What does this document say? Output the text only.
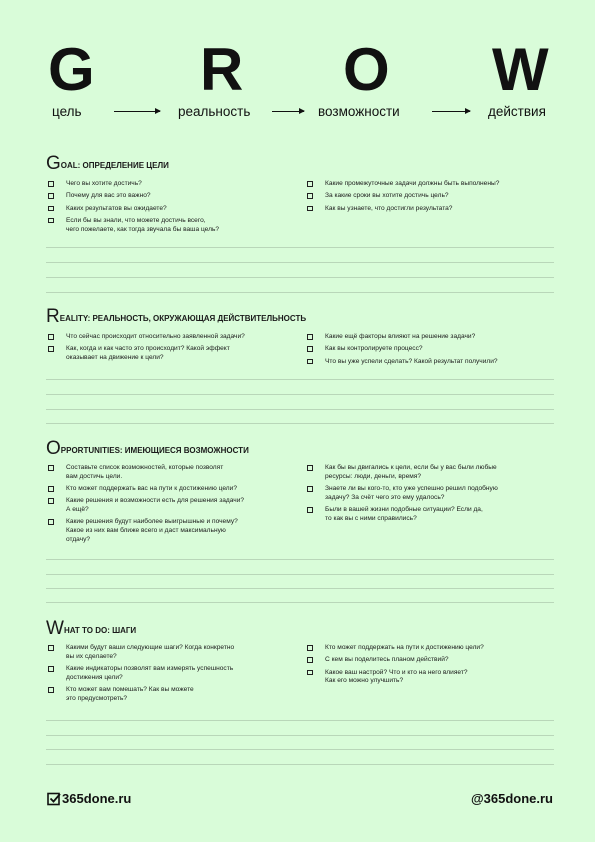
G R O W
цель	реальность	возможности	действия
GOAL: ОПРЕДЕЛЕНИЕ ЦЕЛИ
Чего вы хотите достичь?
Почему для вас это важно?
Каких результатов вы ожидаете?
Если бы вы знали, что можете достичь всего,
чего пожелаете, как тогда звучала бы ваша цель?
Какие промежуточные задачи должны быть выполнены?
За какие сроки вы хотите достичь цель?
Как вы узнаете, что достигли результата?
REALITY: РЕАЛЬНОСТЬ, ОКРУЖАЮЩАЯ ДЕЙСТВИТЕЛЬНОСТЬ
Что сейчас происходит относительно заявленной задачи?
Как, когда и как часто это происходит? Какой эффект
оказывает на движение к цели?
Какие ещё факторы влияют на решение задачи?
Как вы контролируете процесс?
Что вы уже успели сделать? Какой результат получили?
OPPORTUNITIES: ИМЕЮЩИЕСЯ ВОЗМОЖНОСТИ
Составьте список возможностей, которые позволят
вам достичь цели.
Кто может поддержать вас на пути к достижению цели?
Какие решения и возможности есть для решения задачи?
А ещё?
Какие решения будут наиболее выигрышные и почему?
Какое из них вам ближе всего и даст максимальную
отдачу?
Как бы вы двигались к цели, если бы у вас были любые
ресурсы: люди, деньги, время?
Знаете ли вы кого-то, кто уже успешно решил подобную
задачу? За счёт чего это ему удалось?
Были в вашей жизни подобные ситуации? Если да,
то как вы с ними справились?
WHAT TO DO: ШАГИ
Какими будут ваши следующие шаги? Когда конкретно
вы их сделаете?
Какие индикаторы позволят вам измерять успешность
достижения цели?
Кто может вам помешать? Как вы можете
это предусмотреть?
Кто может поддержать на пути к достижению цели?
С кем вы поделитесь планом действий?
Какое ваш настрой? Что и кто на него влияет?
Как его можно улучшить?
365done.ru	@365done.ru
